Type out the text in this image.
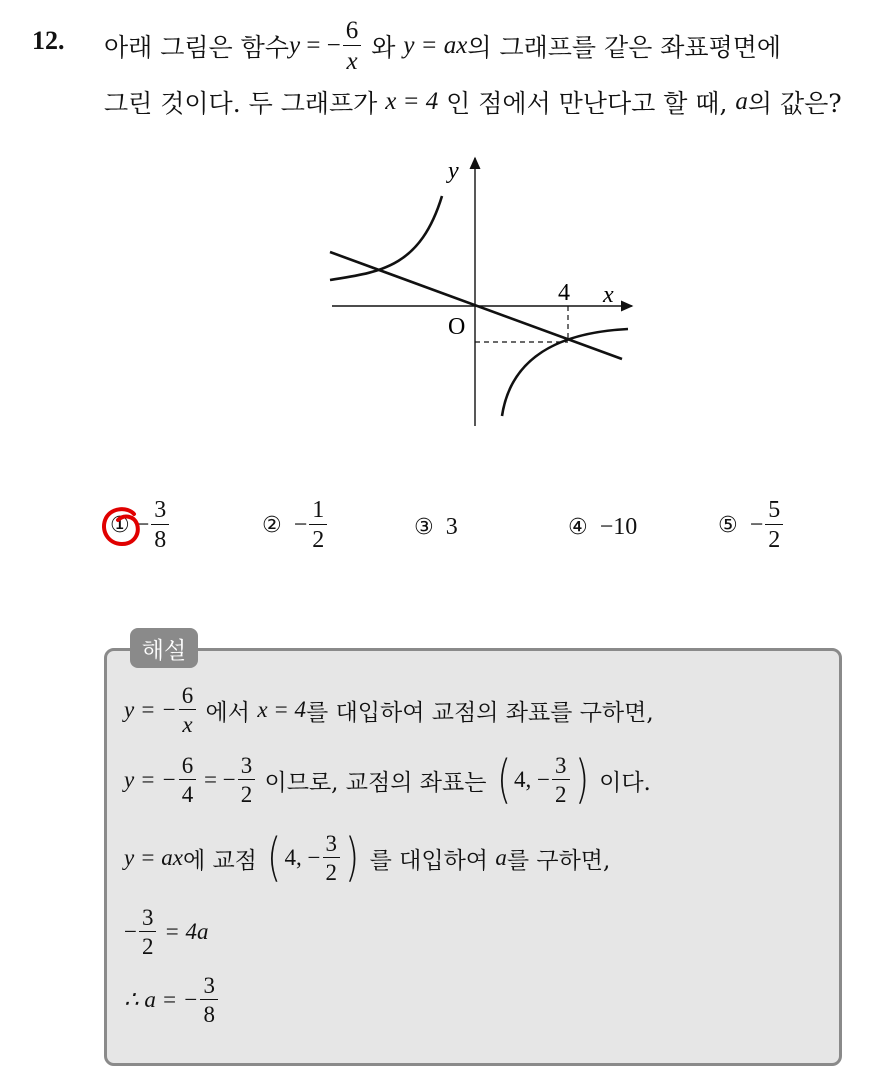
12. 아래 그림은 함수 y = − $\frac{6}{x}$ 와 y = ax 의 그래프를 같은 좌표평면에
그린 것이다. 두 그래프가 x = 4 인 점에서 만난다고 할 때, a 의 값은?
y
x
O
4
① − $\frac{3}{8}$	② − $\frac{1}{2}$	③ 3	④ −10	⑤ − $\frac{5}{2}$
해설
y = − $\frac{6}{x}$ 에서 x = 4 를 대입하여 교점의 좌표를 구하면,
y = − $\frac{6}{4}$ = − $\frac{3}{2}$ 이므로, 교점의 좌표는 ( 4, − $\frac{3}{2}$ ) 이다.
y = ax 에 교점 ( 4, − $\frac{3}{2}$ ) 를 대입하여 a 를 구하면,
− $\frac{3}{2} = 4a$
∴ a = − $\frac{3}{8}$
